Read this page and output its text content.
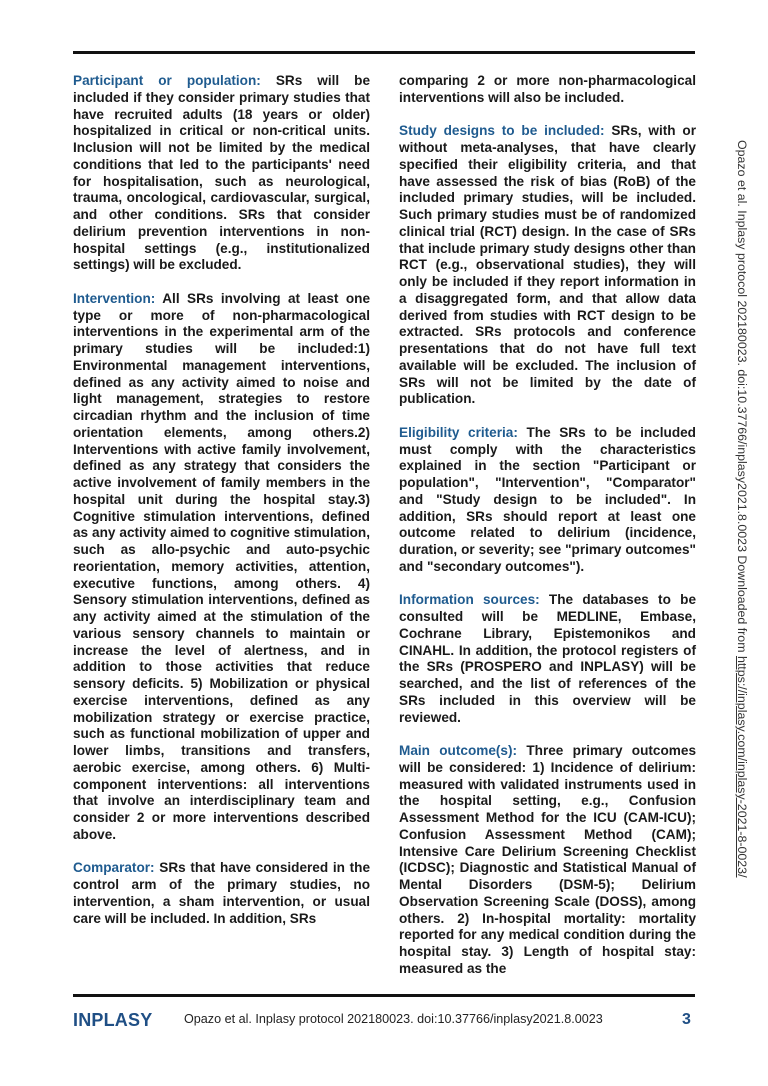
Participant or population: SRs will be included if they consider primary studies that have recruited adults (18 years or older) hospitalized in critical or non-critical units. Inclusion will not be limited by the medical conditions that led to the participants' need for hospitalisation, such as neurological, trauma, oncological, cardiovascular, surgical, and other conditions. SRs that consider delirium prevention interventions in non-hospital settings (e.g., institutionalized settings) will be excluded.

Intervention: All SRs involving at least one type or more of non-pharmacological interventions in the experimental arm of the primary studies will be included:1) Environmental management interventions, defined as any activity aimed to noise and light management, strategies to restore circadian rhythm and the inclusion of time orientation elements, among others.2) Interventions with active family involvement, defined as any strategy that considers the active involvement of family members in the hospital unit during the hospital stay.3) Cognitive stimulation interventions, defined as any activity aimed to cognitive stimulation, such as allo-psychic and auto-psychic reorientation, memory activities, attention, executive functions, among others. 4) Sensory stimulation interventions, defined as any activity aimed at the stimulation of the various sensory channels to maintain or increase the level of alertness, and in addition to those activities that reduce sensory deficits. 5) Mobilization or physical exercise interventions, defined as any mobilization strategy or exercise practice, such as functional mobilization of upper and lower limbs, transitions and transfers, aerobic exercise, among others. 6) Multi-component interventions: all interventions that involve an interdisciplinary team and consider 2 or more interventions described above.

Comparator: SRs that have considered in the control arm of the primary studies, no intervention, a sham intervention, or usual care will be included. In addition, SRs

comparing 2 or more non-pharmacological interventions will also be included.

Study designs to be included: SRs, with or without meta-analyses, that have clearly specified their eligibility criteria, and that have assessed the risk of bias (RoB) of the included primary studies, will be included. Such primary studies must be of randomized clinical trial (RCT) design. In the case of SRs that include primary study designs other than RCT (e.g., observational studies), they will only be included if they report information in a disaggregated form, and that allow data derived from studies with RCT design to be extracted. SRs protocols and conference presentations that do not have full text available will be excluded. The inclusion of SRs will not be limited by the date of publication.

Eligibility criteria: The SRs to be included must comply with the characteristics explained in the section "Participant or population", "Intervention", "Comparator" and "Study design to be included". In addition, SRs should report at least one outcome related to delirium (incidence, duration, or severity; see "primary outcomes" and "secondary outcomes").

Information sources: The databases to be consulted will be MEDLINE, Embase, Cochrane Library, Epistemonikos and CINAHL. In addition, the protocol registers of the SRs (PROSPERO and INPLASY) will be searched, and the list of references of the SRs included in this overview will be reviewed.

Main outcome(s): Three primary outcomes will be considered: 1) Incidence of delirium: measured with validated instruments used in the hospital setting, e.g., Confusion Assessment Method for the ICU (CAM-ICU); Confusion Assessment Method (CAM); Intensive Care Delirium Screening Checklist (ICDSC); Diagnostic and Statistical Manual of Mental Disorders (DSM-5); Delirium Observation Screening Scale (DOSS), among others. 2) In-hospital mortality: mortality reported for any medical condition during the hospital stay. 3) Length of hospital stay: measured as the

INPLASY	Opazo et al. Inplasy protocol 202180023. doi:10.37766/inplasy2021.8.0023	3
Opazo et al. Inplasy protocol 202180023. doi:10.37766/inplasy2021.8.0023 Downloaded from https://inplasy.com/inplasy-2021-8-0023/
